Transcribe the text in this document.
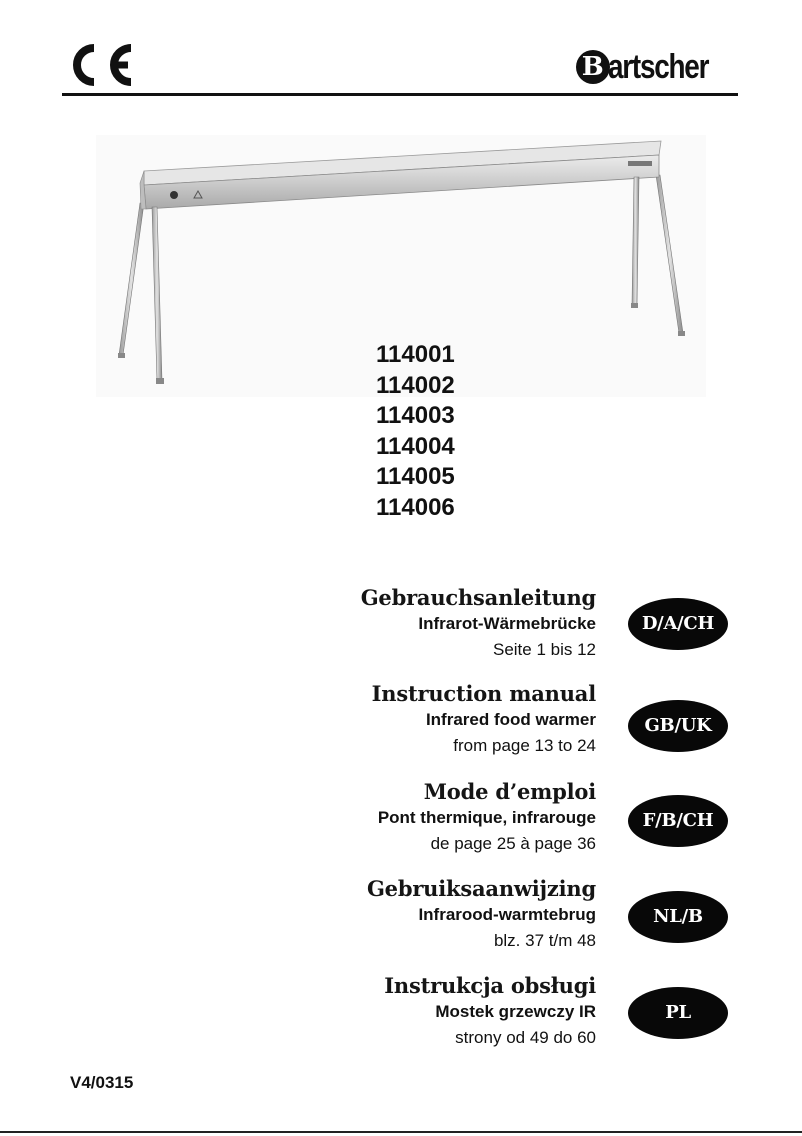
B artscher
114001
114002
114003
114004
114005
114006
Gebrauchsanleitung
Infrarot-Wärmebrücke
Seite 1 bis 12
D/A/CH
Instruction manual
Infrared food warmer
from page 13 to 24
GB/UK
Mode d’emploi
Pont thermique, infrarouge
de page 25 à page 36
F/B/CH
Gebruiksaanwijzing
Infrarood-warmtebrug
blz. 37 t/m 48
NL/B
Instrukcja obsługi
Mostek grzewczy IR
strony od 49 do 60
PL
V4/0315
